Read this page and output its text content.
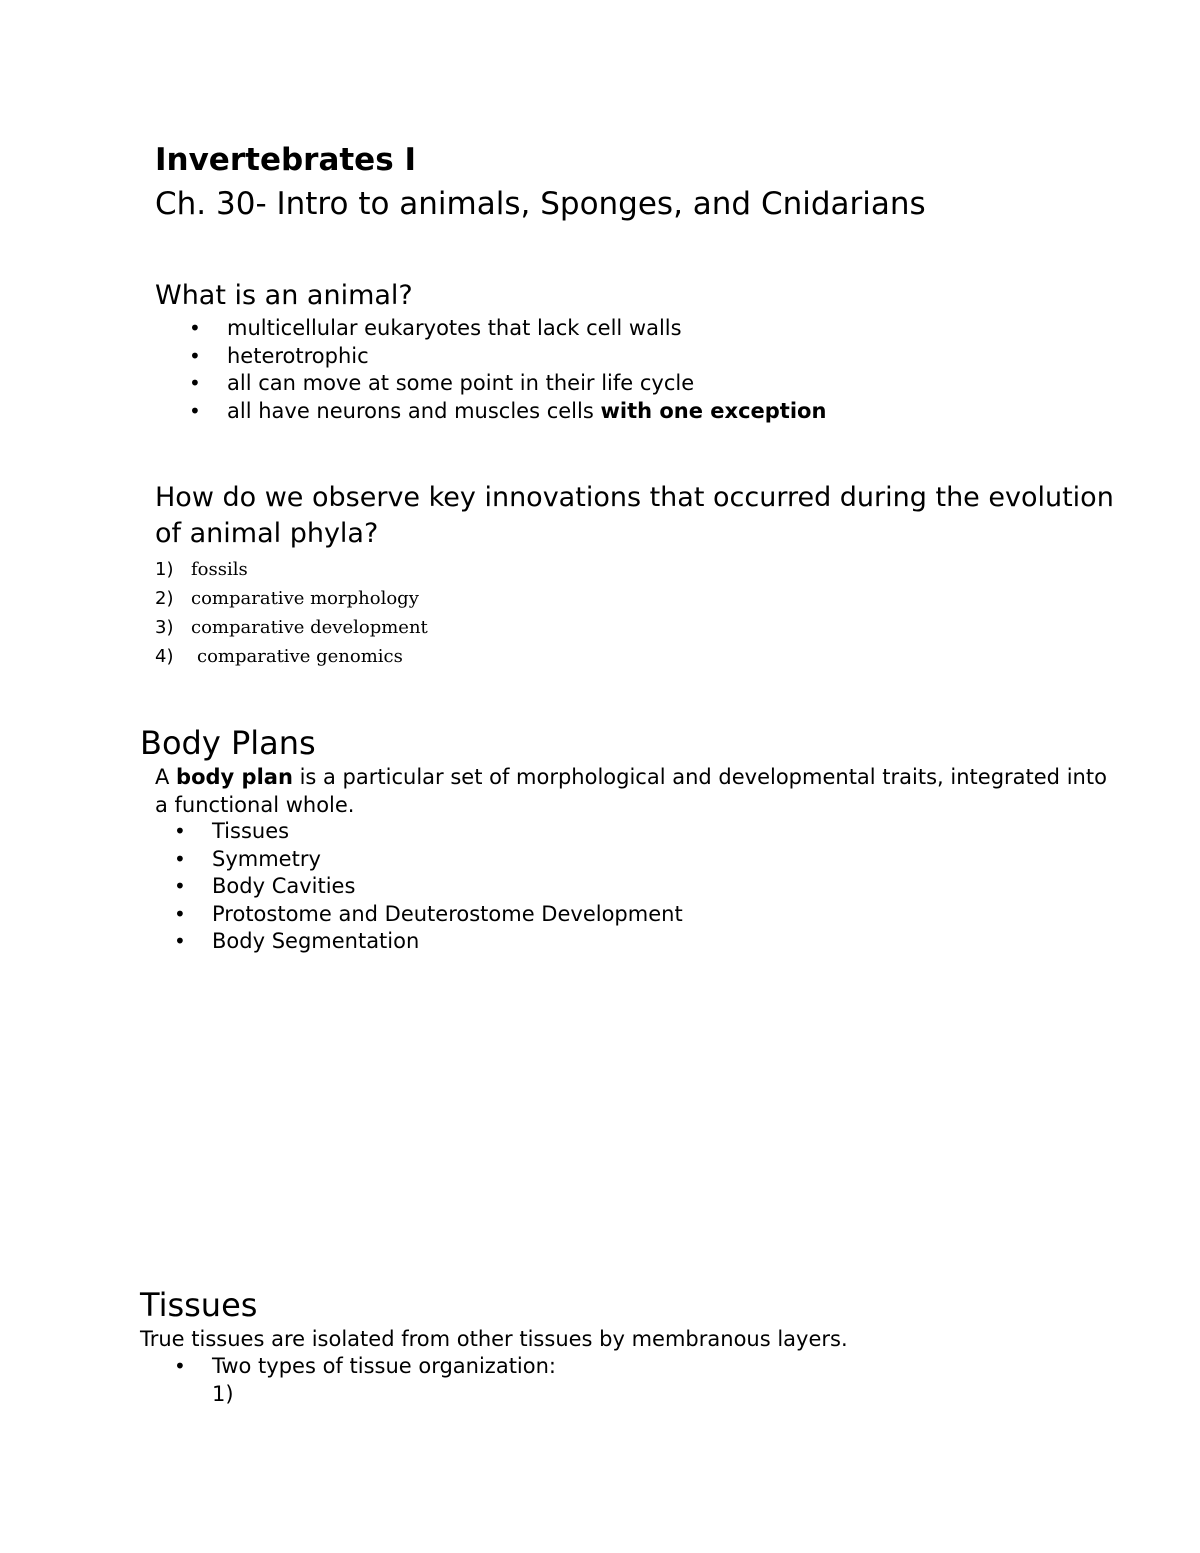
Invertebrates I
Ch. 30- Intro to animals, Sponges, and Cnidarians
What is an animal?
• multicellular eukaryotes that lack cell walls
• heterotrophic
• all can move at some point in their life cycle
• all have neurons and muscles cells with one exception
How do we observe key innovations that occurred during the evolution of animal phyla?
1) fossils
2) comparative morphology
3) comparative development
4) comparative genomics
Body Plans
A body plan is a particular set of morphological and developmental traits, integrated into a functional whole.
• Tissues
• Symmetry
• Body Cavities
• Protostome and Deuterostome Development
• Body Segmentation
Tissues
True tissues are isolated from other tissues by membranous layers.
• Two types of tissue organization:
1)
